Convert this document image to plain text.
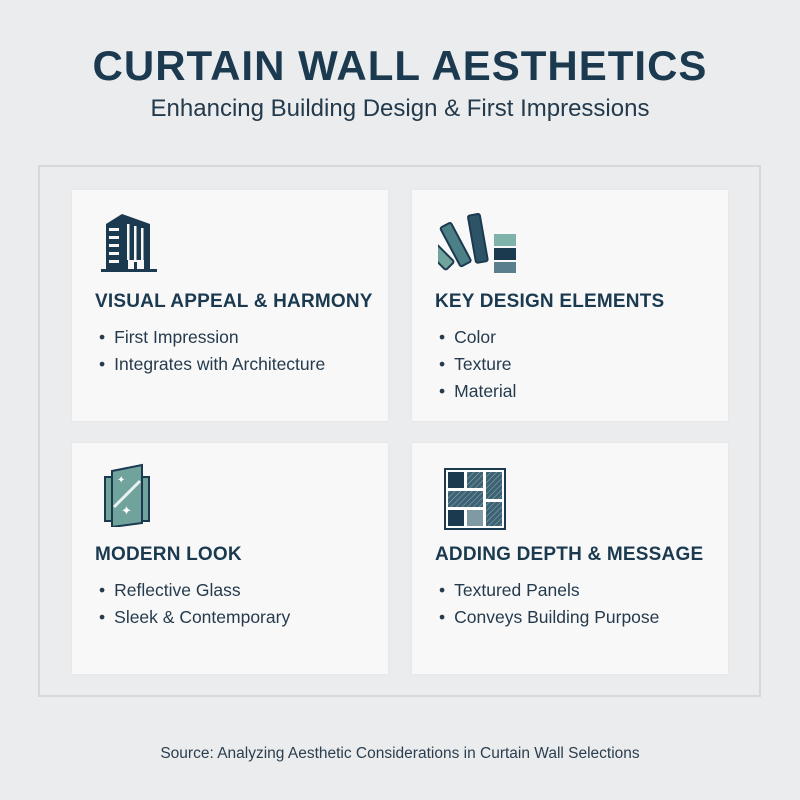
CURTAIN WALL AESTHETICS
Enhancing Building Design & First Impressions
VISUAL APPEAL & HARMONY
• First Impression
• Integrates with Architecture
KEY DESIGN ELEMENTS
• Color
• Texture
• Material
✦
✦
MODERN LOOK
• Reflective Glass
• Sleek & Contemporary
ADDING DEPTH & MESSAGE
• Textured Panels
• Conveys Building Purpose
Source: Analyzing Aesthetic Considerations in Curtain Wall Selections
